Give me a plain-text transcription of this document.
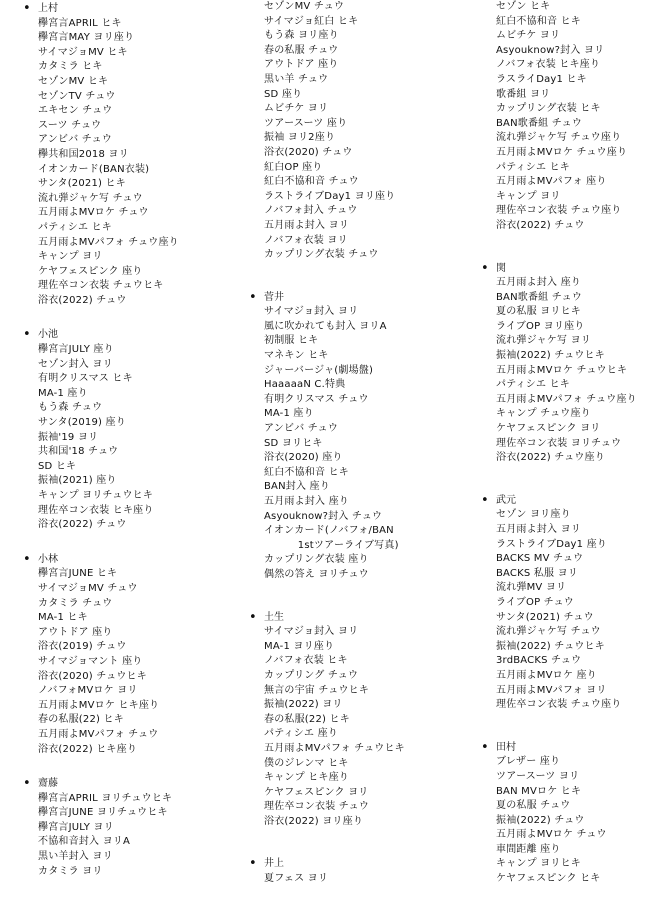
• 上村
欅宮言APRIL ヒキ
欅宮言MAY ヨリ座り
サイマジョMV ヒキ
カタミラ ヒキ
セゾンMV ヒキ
セゾンTV チュウ
エキセン チュウ
スーツ チュウ
アンビバ チュウ
欅共和国2018 ヨリ
イオンカード(BAN衣装)
サンタ(2021) ヒキ
流れ弾ジャケ写 チュウ
五月雨よMVロケ チュウ
パティシエ ヒキ
五月雨よMVパフォ チュウ座り
キャンプ ヨリ
ケヤフェスピンク 座り
理佐卒コン衣装 チュウヒキ
浴衣(2022) チュウ
• 小池
欅宮言JULY 座り
セゾン封入 ヨリ
有明クリスマス ヒキ
MA-1 座り
もう森 チュウ
サンタ(2019) 座り
振袖'19 ヨリ
共和国'18 チュウ
SD ヒキ
振袖(2021) 座り
キャンプ ヨリチュウヒキ
理佐卒コン衣装 ヒキ座り
浴衣(2022) チュウ
• 小林
欅宮言JUNE ヒキ
サイマジョMV チュウ
カタミラ チュウ
MA-1 ヒキ
アウトドア 座り
浴衣(2019) チュウ
サイマジョマント 座り
浴衣(2020) チュウヒキ
ノバフォMVロケ ヨリ
五月雨よMVロケ ヒキ座り
春の私服(22) ヒキ
五月雨よMVパフォ チュウ
浴衣(2022) ヒキ座り
• 齋藤
欅宮言APRIL ヨリチュウヒキ
欅宮言JUNE ヨリチュウヒキ
欅宮言JULY ヨリ
不協和音封入 ヨリA
黒い羊封入 ヨリ
カタミラ ヨリ
セゾンMV チュウ
サイマジョ紅白 ヒキ
もう森 ヨリ座り
春の私服 チュウ
アウトドア 座り
黒い羊 チュウ
SD 座り
ムビチケ ヨリ
ツアースーツ 座り
振袖 ヨリ2座り
浴衣(2020) チュウ
紅白OP 座り
紅白不協和音 チュウ
ラストライブDay1 ヨリ座り
ノバフォ封入 チュウ
五月雨よ封入 ヨリ
ノバフォ衣装 ヨリ
カップリング衣装 チュウ
• 菅井
サイマジョ封入 ヨリ
風に吹かれても封入 ヨリA
初制服 ヒキ
マネキン ヒキ
ジャーバージャ(劇場盤)
HaaaaaN C.特典
有明クリスマス チュウ
MA-1 座り
アンビバ チュウ
SD ヨリヒキ
浴衣(2020) 座り
紅白不協和音 ヒキ
BAN封入 座り
五月雨よ封入 座り
Asyouknow?封入 チュウ
イオンカード(ノバフォ/BAN
1stツアーライブ写真)
カップリング衣装 座り
偶然の答え ヨリチュウ
• 土生
サイマジョ封入 ヨリ
MA-1 ヨリ座り
ノバフォ衣装 ヒキ
カップリング チュウ
無言の宇宙 チュウヒキ
振袖(2022) ヨリ
春の私服(22) ヒキ
パティシエ 座り
五月雨よMVパフォ チュウヒキ
僕のジレンマ ヒキ
キャンプ ヒキ座り
ケヤフェスピンク ヨリ
理佐卒コン衣装 チュウ
浴衣(2022) ヨリ座り
• 井上
夏フェス ヨリ
セゾン ヒキ
紅白不協和音 ヒキ
ムビチケ ヨリ
Asyouknow?封入 ヨリ
ノバフォ衣装 ヒキ座り
ラスライDay1 ヒキ
歌番組 ヨリ
カップリング衣装 ヒキ
BAN歌番組 チュウ
流れ弾ジャケ写 チュウ座り
五月雨よMVロケ チュウ座り
パティシエ ヒキ
五月雨よMVパフォ 座り
キャンプ ヨリ
理佐卒コン衣装 チュウ座り
浴衣(2022) チュウ
• 関
五月雨よ封入 座り
BAN歌番組 チュウ
夏の私服 ヨリヒキ
ライブOP ヨリ座り
流れ弾ジャケ写 ヨリ
振袖(2022) チュウヒキ
五月雨よMVロケ チュウヒキ
パティシエ ヒキ
五月雨よMVパフォ チュウ座り
キャンプ チュウ座り
ケヤフェスピンク ヨリ
理佐卒コン衣装 ヨリチュウ
浴衣(2022) チュウ座り
• 武元
セゾン ヨリ座り
五月雨よ封入 ヨリ
ラストライブDay1 座り
BACKS MV チュウ
BACKS 私服 ヨリ
流れ弾MV ヨリ
ライブOP チュウ
サンタ(2021) チュウ
流れ弾ジャケ写 チュウ
振袖(2022) チュウヒキ
3rdBACKS チュウ
五月雨よMVロケ 座り
五月雨よMVパフォ ヨリ
理佐卒コン衣装 チュウ座り
• 田村
ブレザー 座り
ツアースーツ ヨリ
BAN MVロケ ヒキ
夏の私服 チュウ
振袖(2022) チュウ
五月雨よMVロケ チュウ
車間距離 座り
キャンプ ヨリヒキ
ケヤフェスピンク ヒキ
